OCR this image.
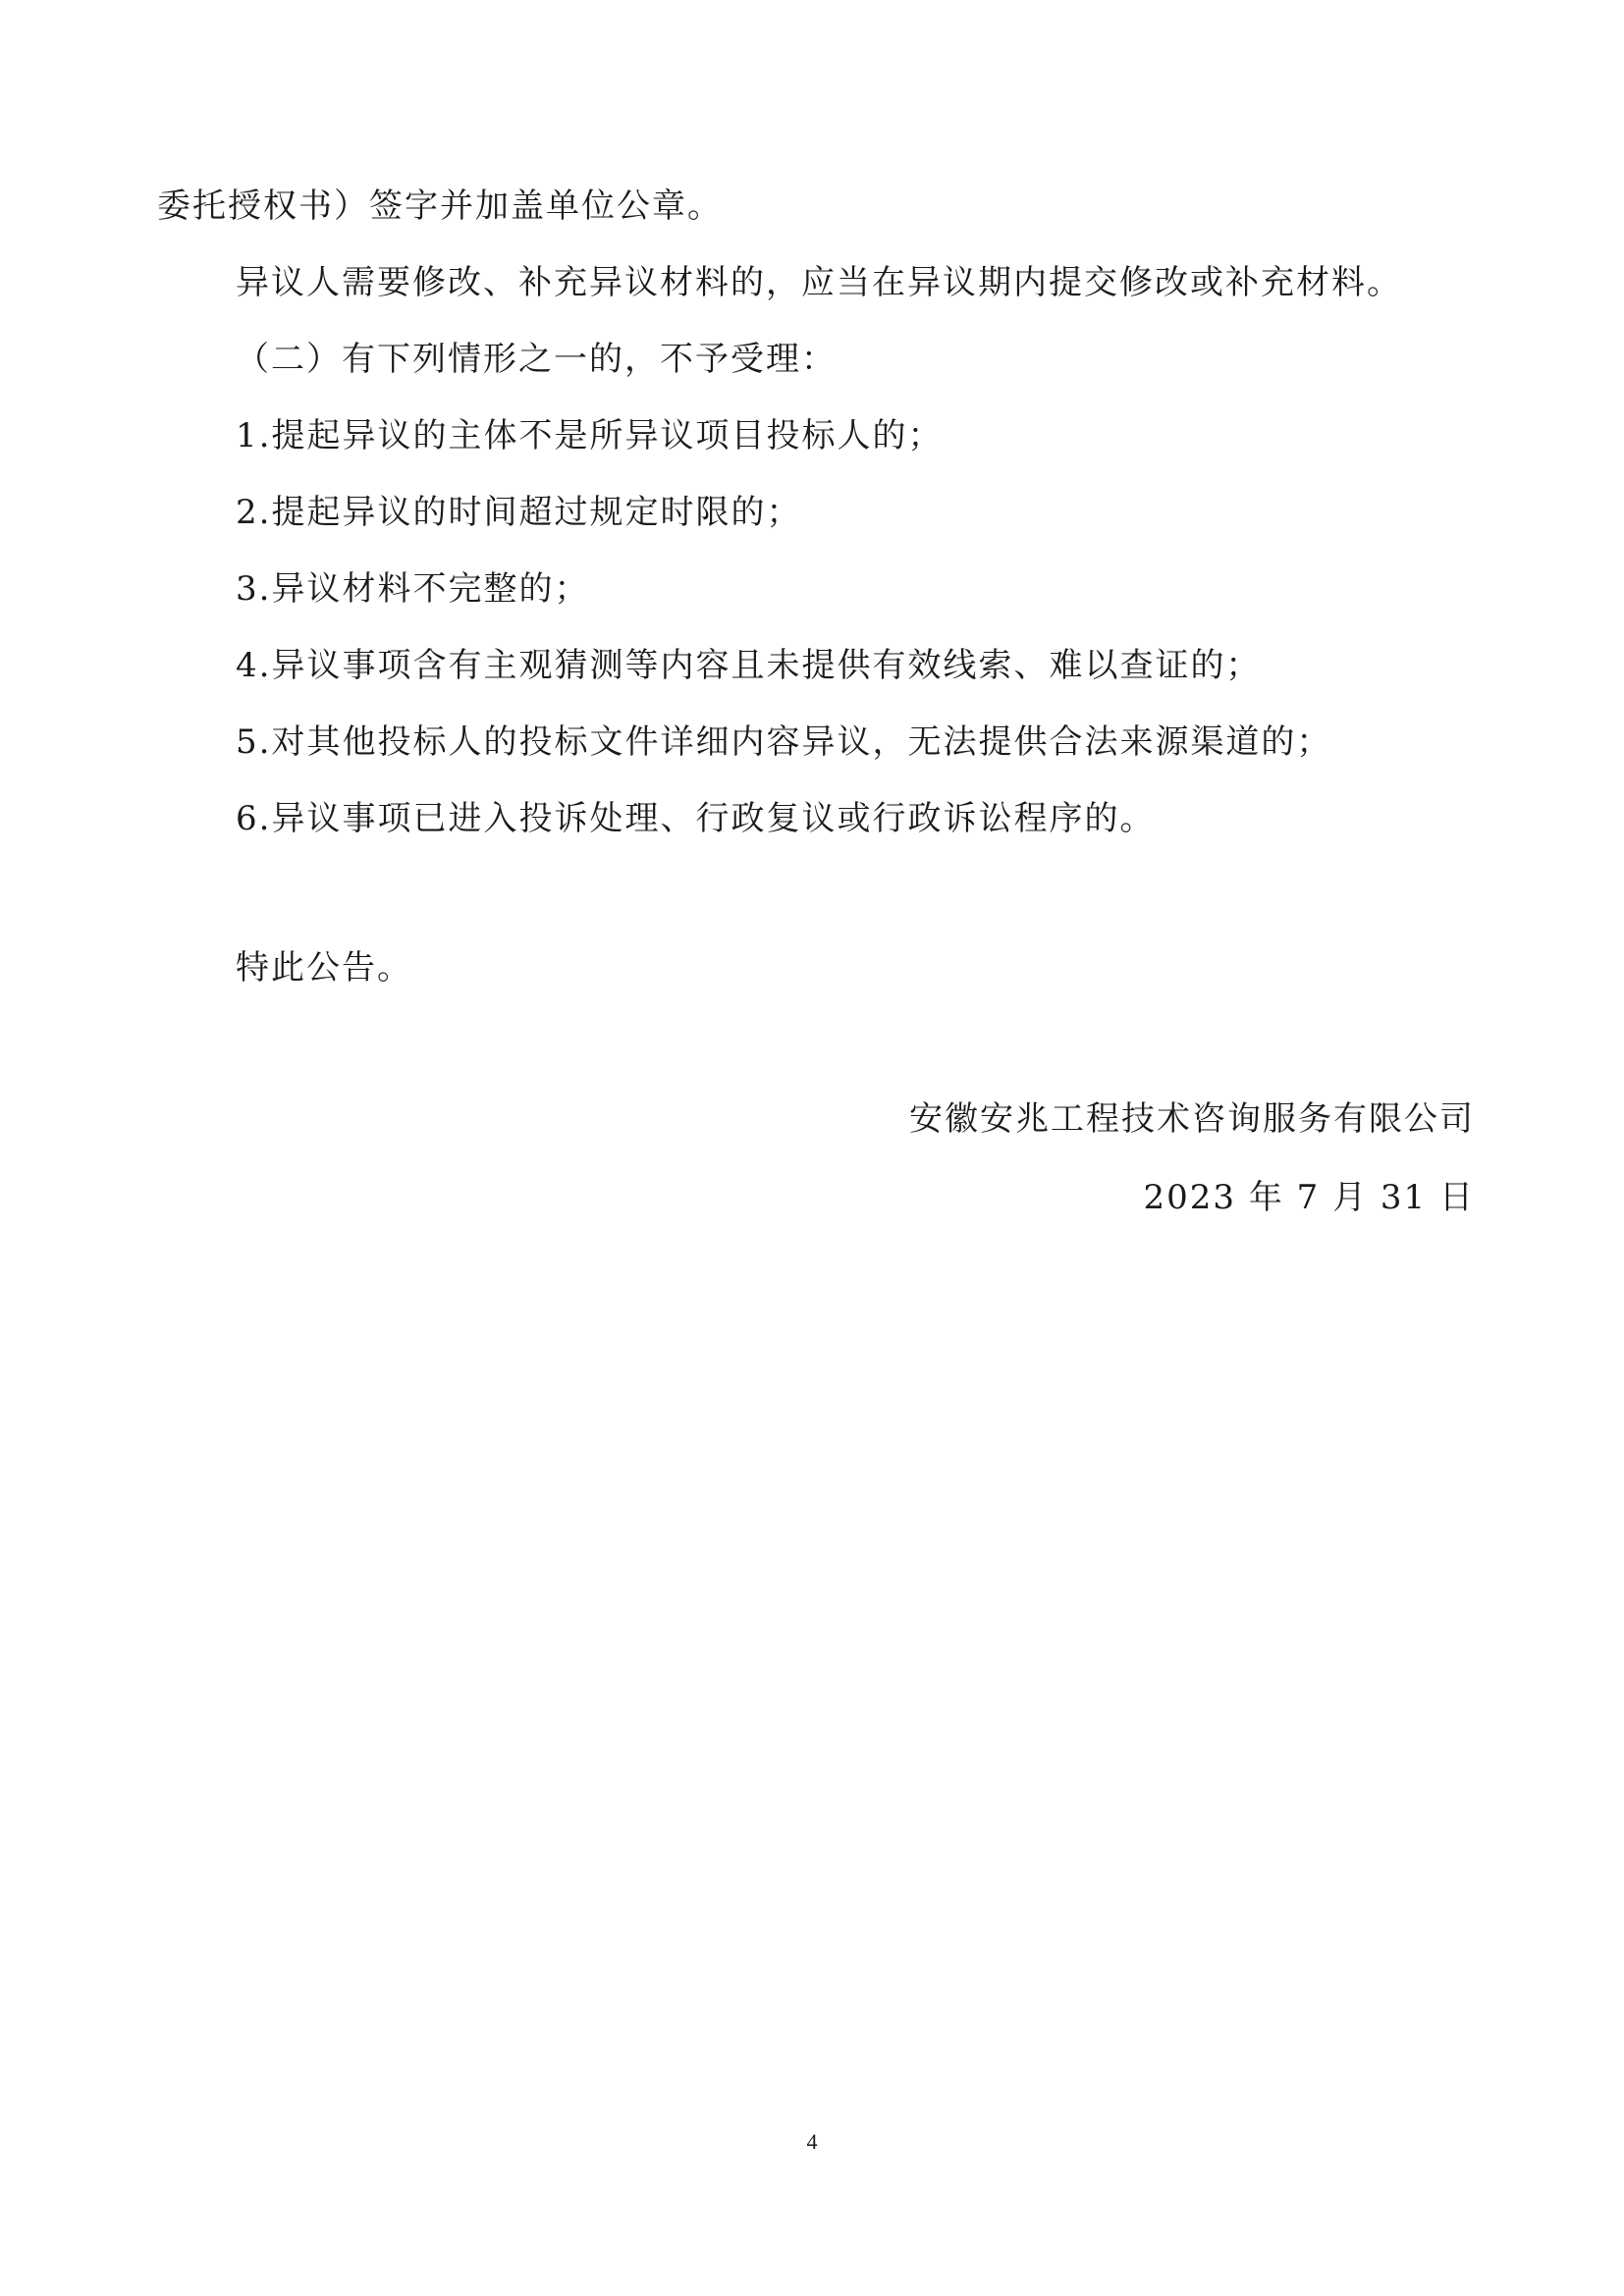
委托授权书）签字并加盖单位公章。
异议人需要修改、补充异议材料的，应当在异议期内提交修改或补充材料。
（二）有下列情形之一的，不予受理：
1.提起异议的主体不是所异议项目投标人的；
2.提起异议的时间超过规定时限的；
3.异议材料不完整的；
4.异议事项含有主观猜测等内容且未提供有效线索、难以查证的；
5.对其他投标人的投标文件详细内容异议，无法提供合法来源渠道的；
6.异议事项已进入投诉处理、行政复议或行政诉讼程序的。
特此公告。
安徽安兆工程技术咨询服务有限公司
2023 年 7 月 31 日
4
